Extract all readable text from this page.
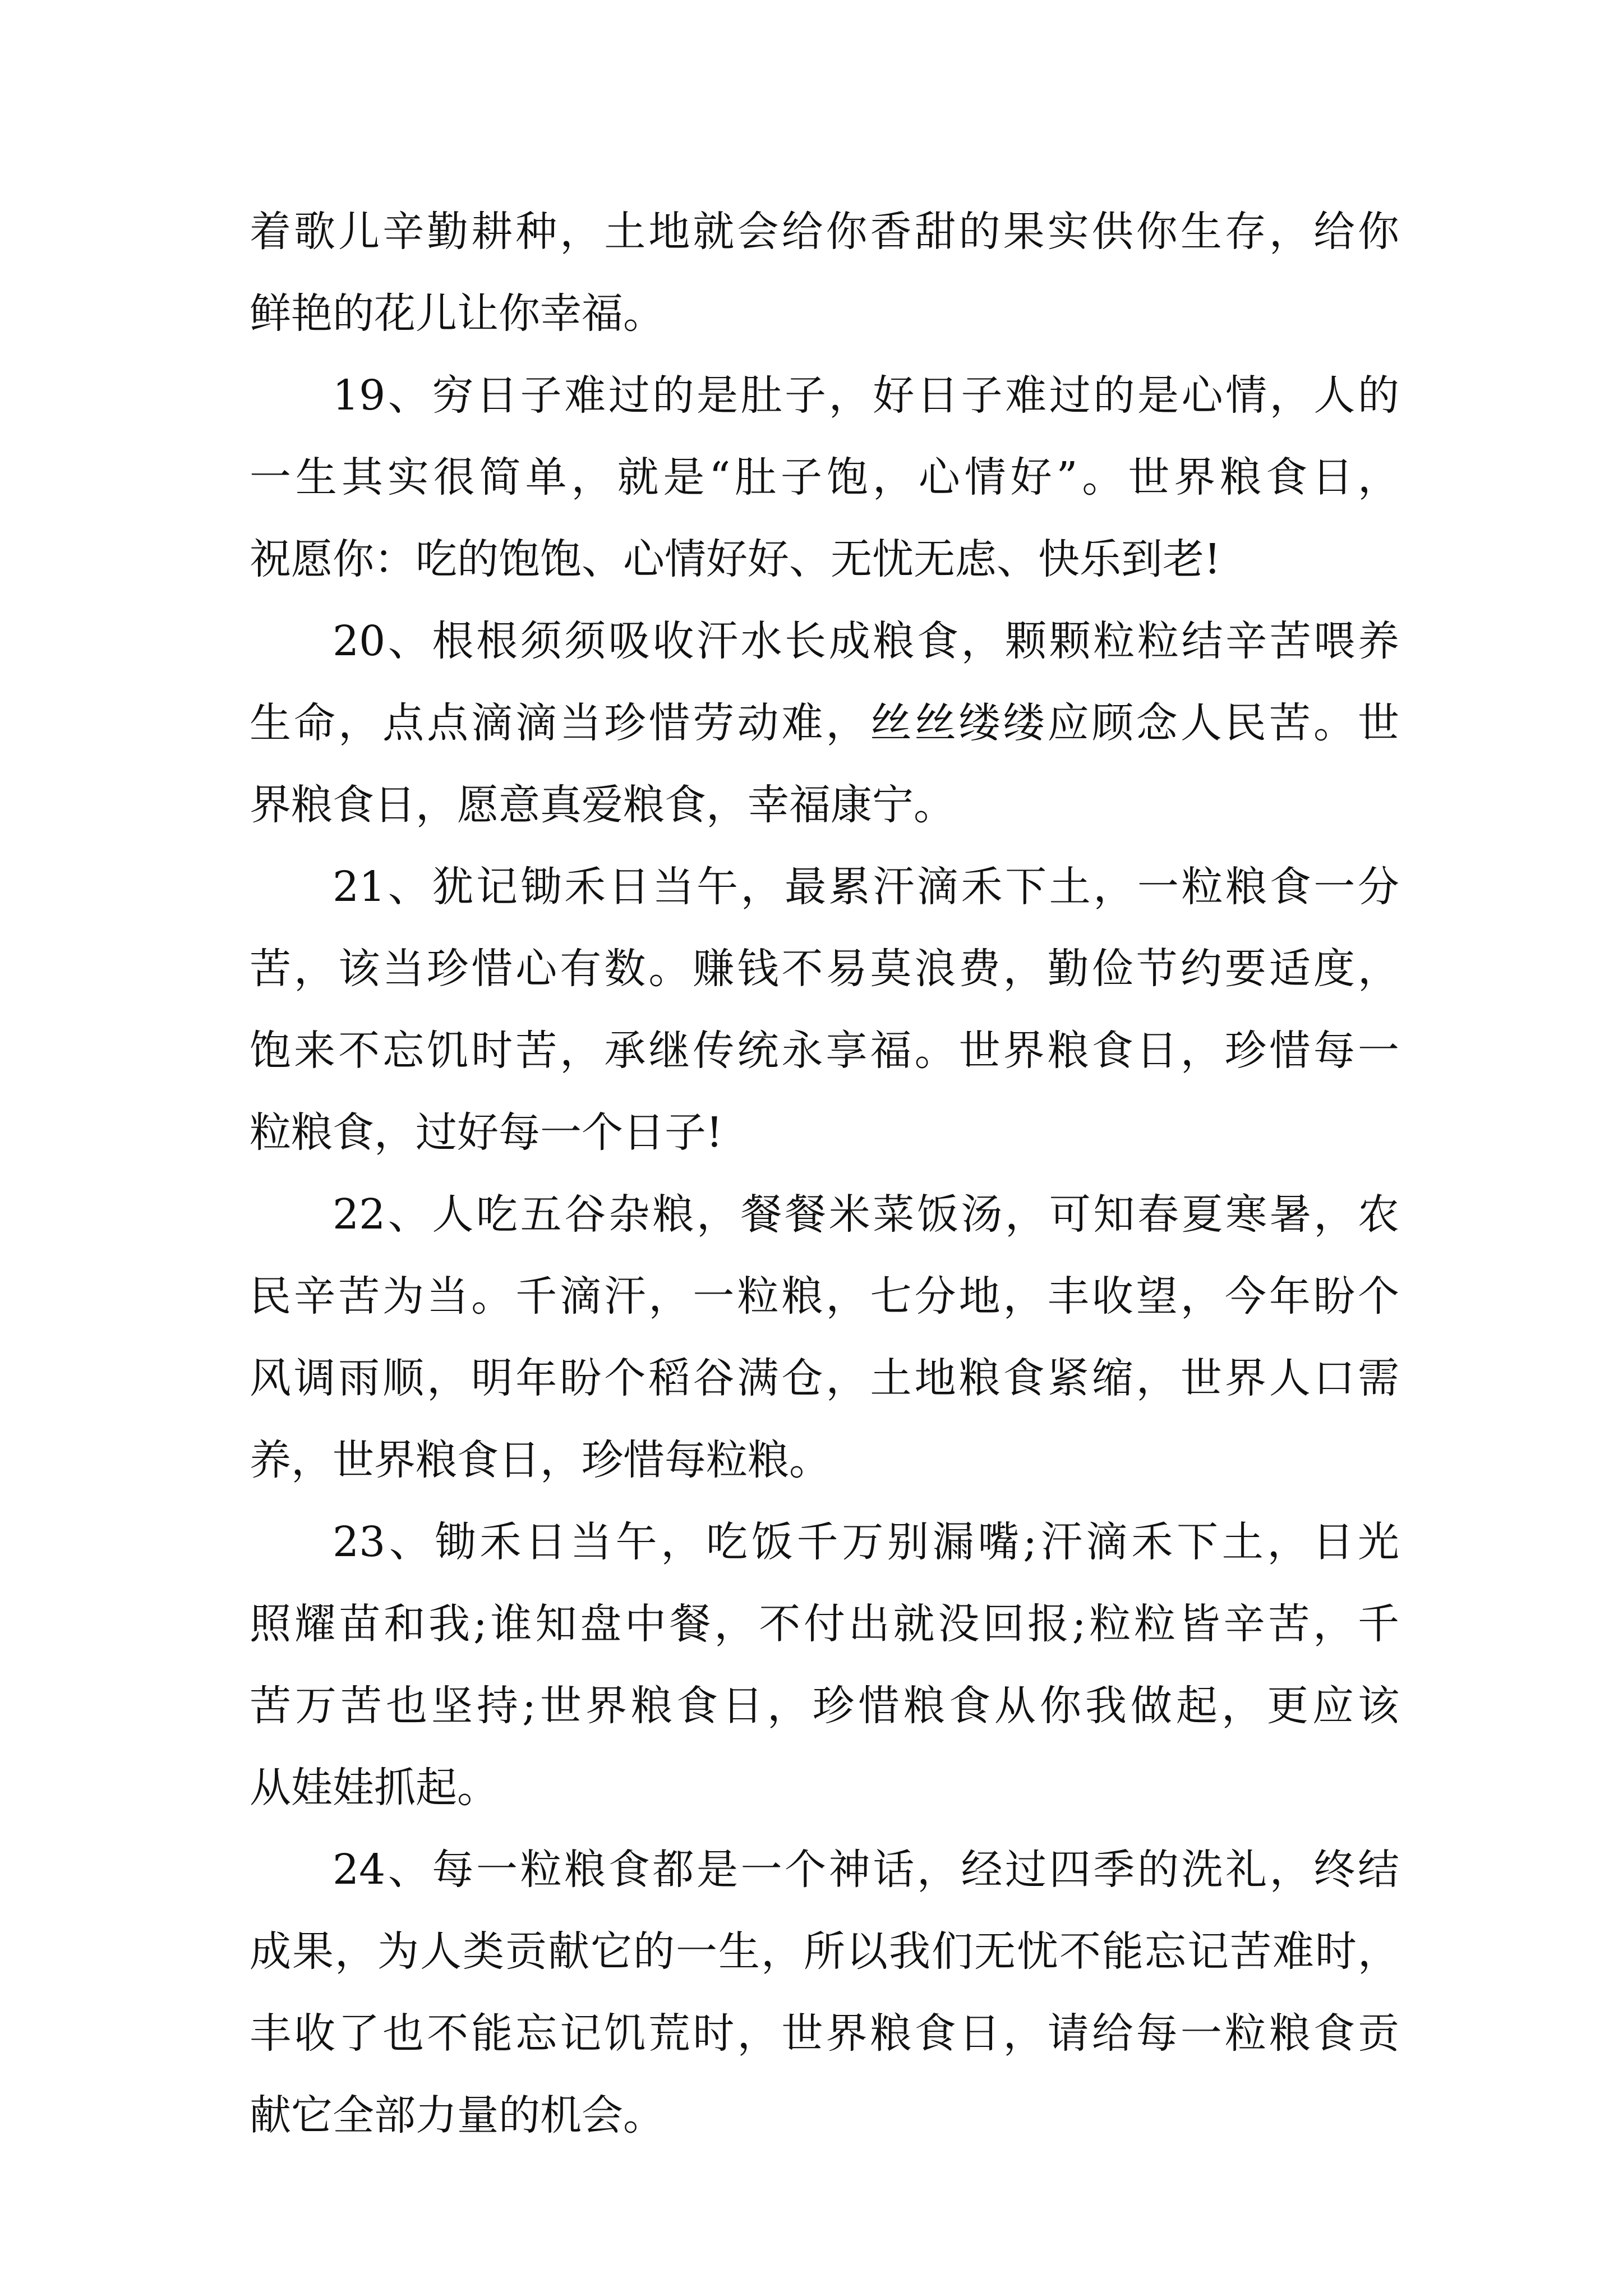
着歌儿辛勤耕种，土地就会给你香甜的果实供你生存，给你
鲜艳的花儿让你幸福。
19、穷日子难过的是肚子，好日子难过的是心情，人的
一生其实很简单，就是“肚子饱，心情好”。世界粮食日，
祝愿你：吃的饱饱、心情好好、无忧无虑、快乐到老!
20、根根须须吸收汗水长成粮食，颗颗粒粒结辛苦喂养
生命，点点滴滴当珍惜劳动难，丝丝缕缕应顾念人民苦。世
界粮食日，愿意真爱粮食，幸福康宁。
21、犹记锄禾日当午，最累汗滴禾下土，一粒粮食一分
苦，该当珍惜心有数。赚钱不易莫浪费，勤俭节约要适度，
饱来不忘饥时苦，承继传统永享福。世界粮食日，珍惜每一
粒粮食，过好每一个日子!
22、人吃五谷杂粮，餐餐米菜饭汤，可知春夏寒暑，农
民辛苦为当。千滴汗，一粒粮，七分地，丰收望，今年盼个
风调雨顺，明年盼个稻谷满仓，土地粮食紧缩，世界人口需
养，世界粮食日，珍惜每粒粮。
23、锄禾日当午，吃饭千万别漏嘴;汗滴禾下土，日光
照耀苗和我;谁知盘中餐，不付出就没回报;粒粒皆辛苦，千
苦万苦也坚持;世界粮食日，珍惜粮食从你我做起，更应该
从娃娃抓起。
24、每一粒粮食都是一个神话，经过四季的洗礼，终结
成果，为人类贡献它的一生，所以我们无忧不能忘记苦难时，
丰收了也不能忘记饥荒时，世界粮食日，请给每一粒粮食贡
献它全部力量的机会。
